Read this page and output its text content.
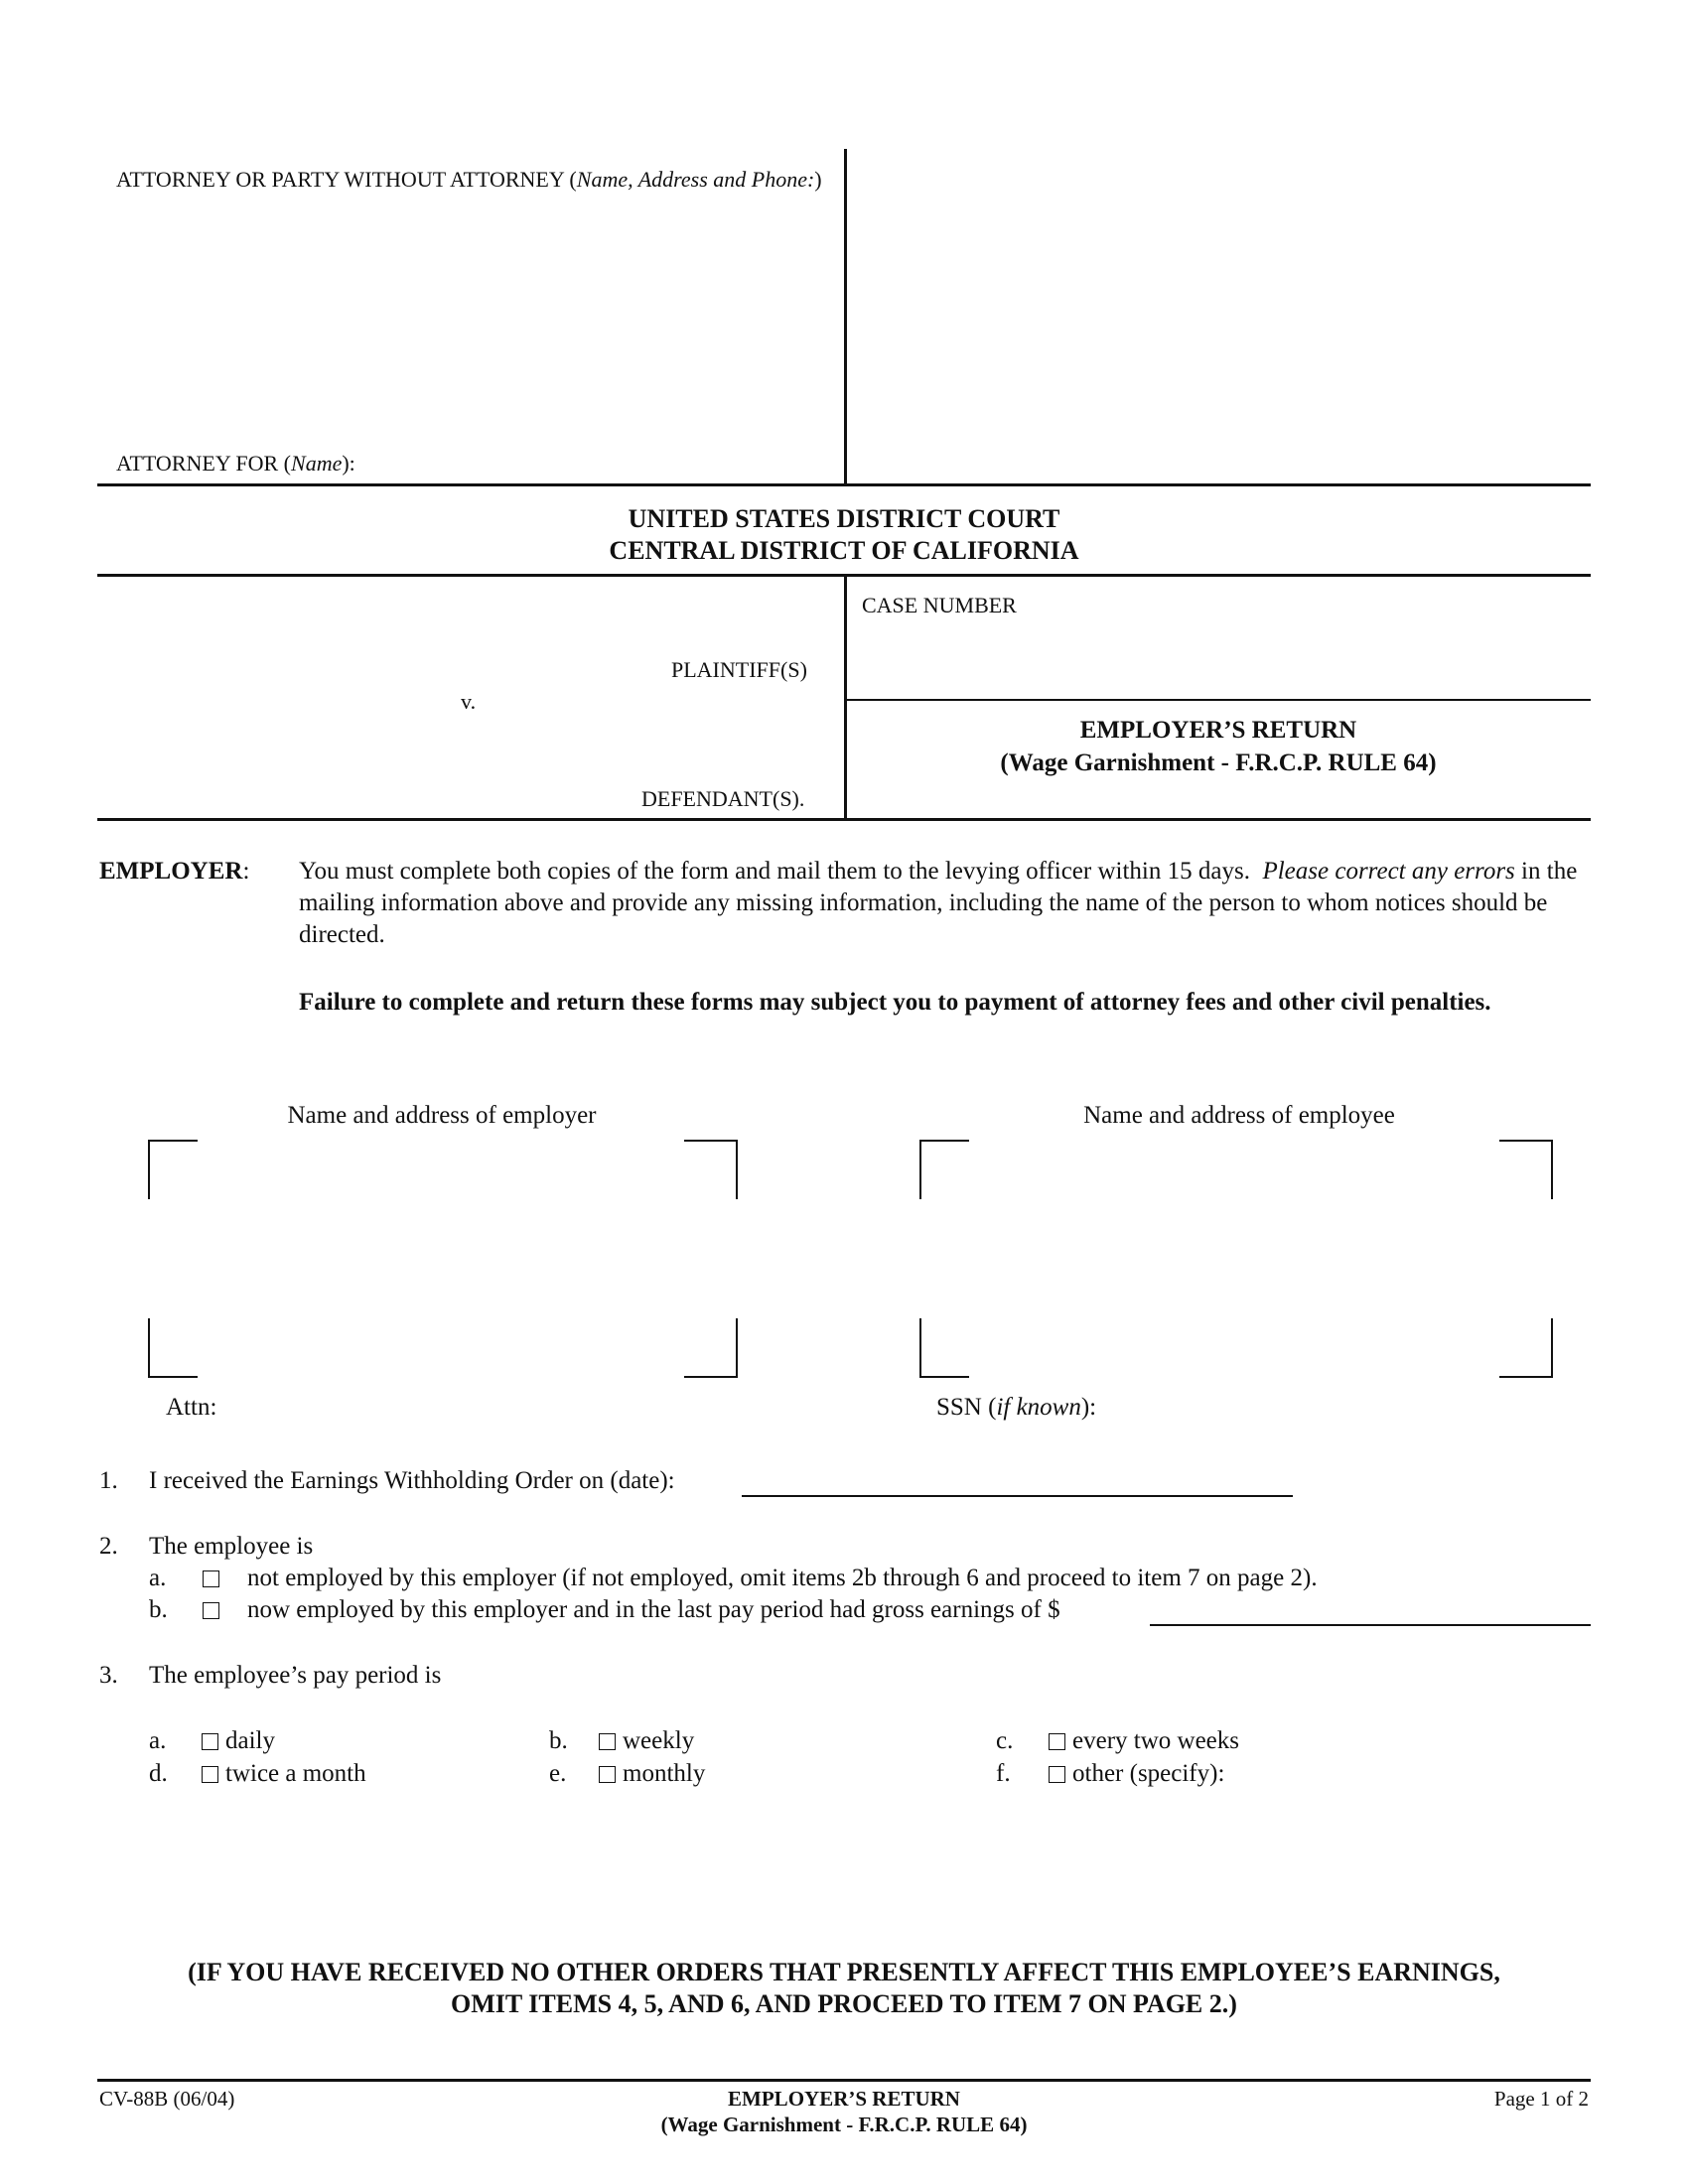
ATTORNEY OR PARTY WITHOUT ATTORNEY (Name, Address and Phone:)
ATTORNEY FOR (Name):
UNITED STATES DISTRICT COURT
CENTRAL DISTRICT OF CALIFORNIA
CASE NUMBER
PLAINTIFF(S)
v.
DEFENDANT(S).
EMPLOYER’S RETURN
(Wage Garnishment - F.R.C.P. RULE 64)
EMPLOYER: You must complete both copies of the form and mail them to the levying officer within 15 days. Please correct any errors in the mailing information above and provide any missing information, including the name of the person to whom notices should be directed.
Failure to complete and return these forms may subject you to payment of attorney fees and other civil penalties.
Name and address of employer	Name and address of employee
Attn:	SSN (if known):
1. I received the Earnings Withholding Order on (date):
2. The employee is
a.	not employed by this employer (if not employed, omit items 2b through 6 and proceed to item 7 on page 2).
b.	now employed by this employer and in the last pay period had gross earnings of $
3. The employee’s pay period is
a. daily	b. weekly	c. every two weeks
d. twice a month	e. monthly	f. other (specify):
(IF YOU HAVE RECEIVED NO OTHER ORDERS THAT PRESENTLY AFFECT THIS EMPLOYEE’S EARNINGS,
OMIT ITEMS 4, 5, AND 6, AND PROCEED TO ITEM 7 ON PAGE 2.)
CV-88B (06/04)	EMPLOYER’S RETURN
(Wage Garnishment - F.R.C.P. RULE 64)
Page 1 of 2
